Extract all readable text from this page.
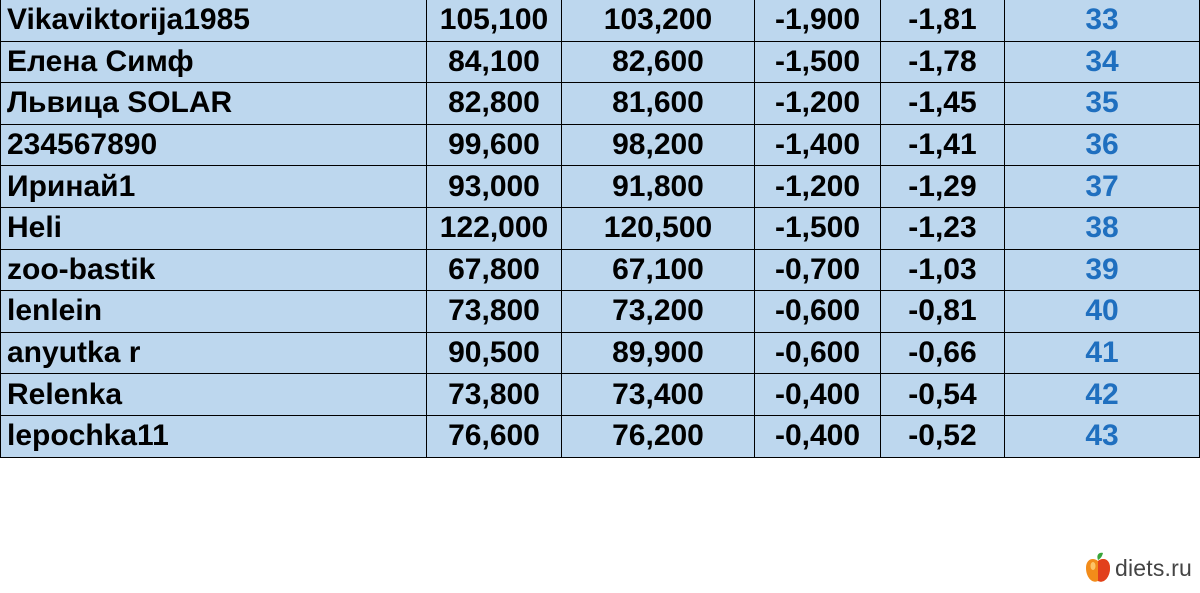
Vikaviktorija1985	105,100	103,200	-1,900	-1,81	33
Елена Симф	84,100	82,600	-1,500	-1,78	34
Львица SOLAR	82,800	81,600	-1,200	-1,45	35
234567890	99,600	98,200	-1,400	-1,41	36
Иринай1	93,000	91,800	-1,200	-1,29	37
Heli	122,000	120,500	-1,500	-1,23	38
zoo-bastik	67,800	67,100	-0,700	-1,03	39
lenlein	73,800	73,200	-0,600	-0,81	40
anyutka r	90,500	89,900	-0,600	-0,66	41
Relenka	73,800	73,400	-0,400	-0,54	42
lepochka11	76,600	76,200	-0,400	-0,52	43
diets.ru
